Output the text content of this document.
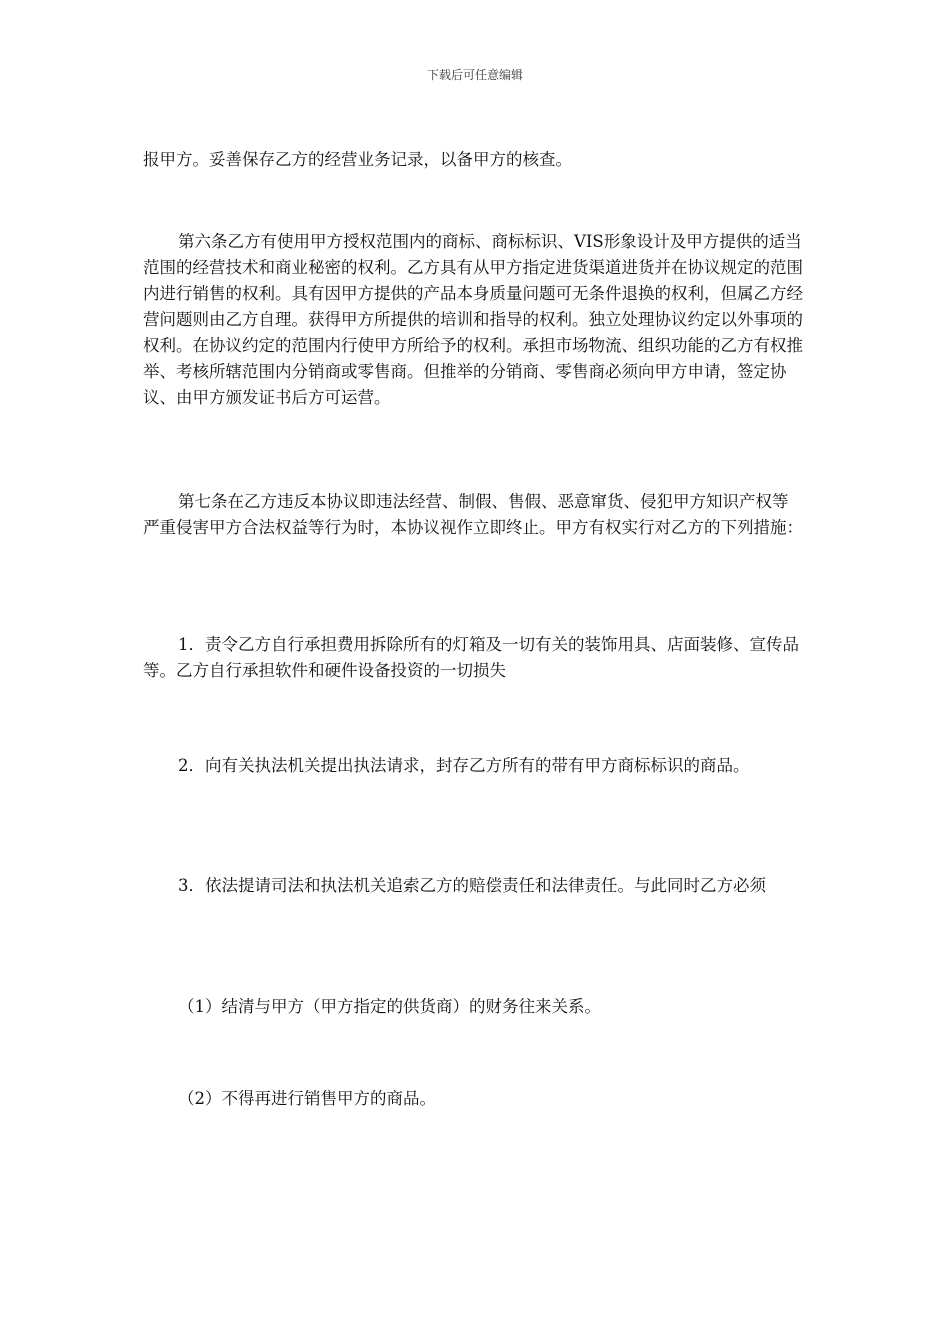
下载后可任意编辑

报甲方。妥善保存乙方的经营业务记录，以备甲方的核查。

第六条乙方有使用甲方授权范围内的商标、商标标识、VIS形象设计及甲方提供的适当范围的经营技术和商业秘密的权利。乙方具有从甲方指定进货渠道进货并在协议规定的范围内进行销售的权利。具有因甲方提供的产品本身质量问题可无条件退换的权利，但属乙方经营问题则由乙方自理。获得甲方所提供的培训和指导的权利。独立处理协议约定以外事项的权利。在协议约定的范围内行使甲方所给予的权利。承担市场物流、组织功能的乙方有权推举、考核所辖范围内分销商或零售商。但推举的分销商、零售商必须向甲方申请，签定协议、由甲方颁发证书后方可运营。

第七条在乙方违反本协议即违法经营、制假、售假、恶意窜货、侵犯甲方知识产权等严重侵害甲方合法权益等行为时，本协议视作立即终止。甲方有权实行对乙方的下列措施：

1．责令乙方自行承担费用拆除所有的灯箱及一切有关的装饰用具、店面装修、宣传品等。乙方自行承担软件和硬件设备投资的一切损失

2．向有关执法机关提出执法请求，封存乙方所有的带有甲方商标标识的商品。

3．依法提请司法和执法机关追索乙方的赔偿责任和法律责任。与此同时乙方必须

（1）结清与甲方（甲方指定的供货商）的财务往来关系。

（2）不得再进行销售甲方的商品。
